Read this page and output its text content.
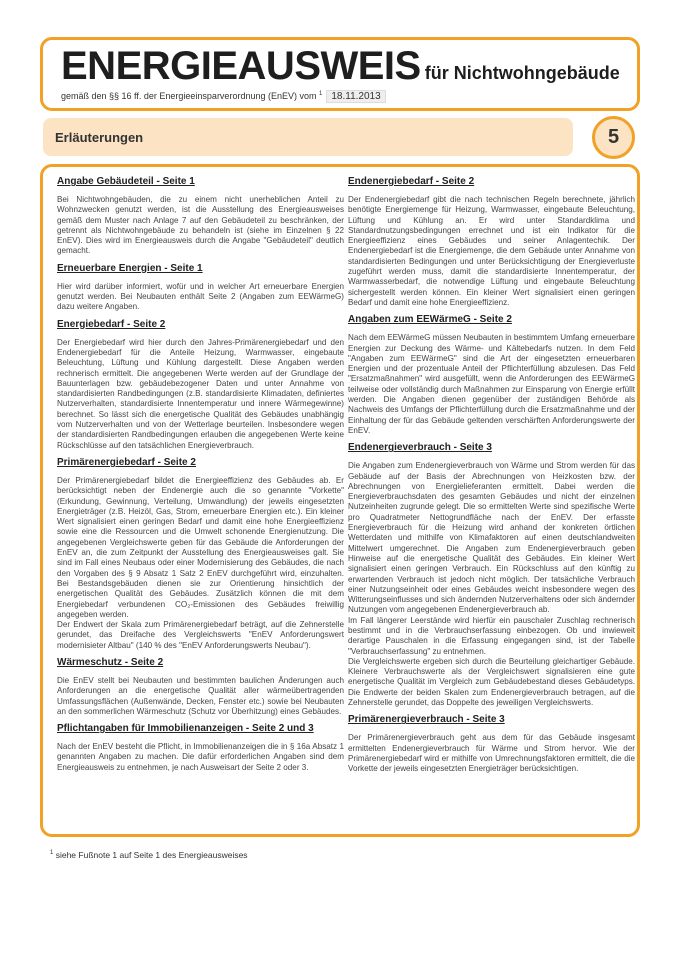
ENERGIEAUSWEIS für Nichtwohngebäude
gemäß den §§ 16 ff. der Energieeinsparverordnung (EnEV) vom $^1$ 18.11.2013
Erläuterungen	5
Angabe Gebäudeteil - Seite 1

Bei Nichtwohngebäuden, die zu einem nicht unerheblichen Anteil zu Wohnzwecken genutzt werden, ist die Ausstellung des Energieausweises gemäß dem Muster nach Anlage 7 auf den Gebäudeteil zu beschränken, der getrennt als Nichtwohngebäude zu behandeln ist (siehe im Einzelnen § 22 EnEV). Dies wird im Energieausweis durch die Angabe "Gebäudeteil" deutlich gemacht.

Erneuerbare Energien - Seite 1

Hier wird darüber informiert, wofür und in welcher Art erneuerbare Energien genutzt werden. Bei Neubauten enthält Seite 2 (Angaben zum EEWärmeG) dazu weitere Angaben.

Energiebedarf - Seite 2

Der Energiebedarf wird hier durch den Jahres-Primärenergiebedarf und den Endenergiebedarf für die Anteile Heizung, Warmwasser, eingebaute Beleuchtung, Lüftung und Kühlung dargestellt. Diese Angaben werden rechnerisch ermittelt. Die angegebenen Werte werden auf der Grundlage der Bauunterlagen bzw. gebäudebezogener Daten und unter Annahme von standardisierten Randbedingungen (z.B. standardisierte Klimadaten, definiertes Nutzerverhalten, standardisierte Innentemperatur und innere Wärmegewinne) berechnet. So lässt sich die energetische Qualität des Gebäudes unabhängig vom Nutzerverhalten und von der Wetterlage beurteilen. Insbesondere wegen der standardisierten Randbedingungen erlauben die angegebenen Werte keine Rückschlüsse auf den tatsächlichen Energieverbrauch.

Primärenergiebedarf - Seite 2

Der Primärenergiebedarf bildet die Energieeffizienz des Gebäudes ab. Er berücksichtigt neben der Endenergie auch die so genannte "Vorkette" (Erkundung, Gewinnung, Verteilung, Umwandlung) der jeweils eingesetzten Energieträger (z.B. Heizöl, Gas, Strom, erneuerbare Energien etc.). Ein kleiner Wert signalisiert einen geringen Bedarf und damit eine hohe Energieeffizienz sowie eine die Ressourcen und die Umwelt schonende Energienutzung. Die angegebenen Vergleichswerte geben für das Gebäude die Anforderungen der EnEV an, die zum Zeitpunkt der Ausstellung des Energieausweises galt. Sie sind im Fall eines Neubaus oder einer Modernisierung des Gebäudes, die nach den Vorgaben des § 9 Absatz 1 Satz 2 EnEV durchgeführt wird, einzuhalten. Bei Bestandsgebäuden dienen sie zur Orientierung hinsichtlich der energetischen Qualität des Gebäudes. Zusätzlich können die mit dem Energiebedarf verbundenen CO₂-Emissionen des Gebäudes freiwillig angegeben werden.

Der Endwert der Skala zum Primärenergiebedarf beträgt, auf die Zehnerstelle gerundet, das Dreifache des Vergleichswerts "EnEV Anforderungswert modernisieter Altbau" (140 % des "EnEV Anforderungswerts Neubau").

Wärmeschutz - Seite 2

Die EnEV stellt bei Neubauten und bestimmten baulichen Änderungen auch Anforderungen an die energetische Qualität aller wärmeübertragenden Umfassungsflächen (Außenwände, Decken, Fenster etc.) sowie bei Neubauten an den sommerlichen Wärmeschutz (Schutz vor Überhitzung) eines Gebäudes.

Pflichtangaben für Immobilienanzeigen - Seite 2 und 3

Nach der EnEV besteht die Pflicht, in Immobilienanzeigen die in § 16a Absatz 1 genannten Angaben zu machen. Die dafür erforderlichen Angaben sind dem Energieausweis zu entnehmen, je nach Ausweisart der Seite 2 oder 3.

Endenergiebedarf - Seite 2

Der Endenergiebedarf gibt die nach technischen Regeln berechnete, jährlich benötigte Energiemenge für Heizung, Warmwasser, eingebaute Beleuchtung, Lüftung und Kühlung an. Er wird unter Standardklima und Standardnutzungsbedingungen errechnet und ist ein Indikator für die Energieeffizienz eines Gebäudes und seiner Anlagentechik. Der Endenergiebedarf ist die Energiemenge, die dem Gebäude unter Annahme von standardisierten Bedingungen und unter Berücksichtigung der Energieverluste zugeführt werden muss, damit die standardisierte Innentemperatur, der Warmwasserbedarf, die notwendige Lüftung und eingebaute Beleuchtung sichergestellt werden können. Ein kleiner Wert signalisiert einen geringen Bedarf und damit eine hohe Energieeffizienz.

Angaben zum EEWärmeG - Seite 2

Nach dem EEWärmeG müssen Neubauten in bestimmtem Umfang erneuerbare Energien zur Deckung des Wärme- und Kältebedarfs nutzen. In dem Feld "Angaben zum EEWärmeG" sind die Art der eingesetzten erneuerbaren Energien und der prozentuale Anteil der Pflichterfüllung abzulesen. Das Feld "Ersatzmaßnahmen" wird ausgefüllt, wenn die Anforderungen des EEWärmeG teilweise oder vollständig durch Maßnahmen zur Einsparung von Energie erfüllt werden. Die Angaben dienen gegenüber der zuständigen Behörde als Nachweis des Umfangs der Pflichterfüllung durch die Ersatzmaßnahme und der Einhaltung der für das Gebäude geltenden verschärften Anforderungswerte der EnEV.

Endenergieverbrauch - Seite 3

Die Angaben zum Endenergieverbrauch von Wärme und Strom werden für das Gebäude auf der Basis der Abrechnungen von Heizkosten bzw. der Abrechnungen von Energielieferanten ermittelt. Dabei werden die Energieverbrauchsdaten des gesamten Gebäudes und nicht der einzelnen Nutzeinheiten zugrunde gelegt. Die so ermittelten Werte sind spezifische Werte pro Quadratmeter Nettogrundfläche nach der EnEV. Der erfasste Energieverbrauch für die Heizung wird anhand der konkreten örtlichen Wetterdaten und mithilfe von Klimafaktoren auf einen deutschlandweiten Mittelwert umgerechnet. Die Angaben zum Endenergieverbrauch geben Hinweise auf die energetische Qualität des Gebäudes. Ein kleiner Wert signalisiert einen geringen Verbrauch. Ein Rückschluss auf den künftig zu erwartenden Verbrauch ist jedoch nicht möglich. Der tatsächliche Verbrauch einer Nutzungseinheit oder eines Gebäudes weicht insbesondere wegen des Witterungseinflusses und sich ändernden Nutzerverhaltens oder sich ändernder Nutzungen vom angegebenen Endenergieverbrauch ab.

Im Fall längerer Leerstände wird hierfür ein pauschaler Zuschlag rechnerisch bestimmt und in die Verbrauchserfassung einbezogen. Ob und inwieweit derartige Pauschalen in die Erfassung eingegangen sind, ist der Tabelle "Verbrauchserfassung" zu entnehmen.

Die Vergleichswerte ergeben sich durch die Beurteilung gleichartiger Gebäude. Kleinere Verbrauchswerte als der Vergleichswert signalisieren eine gute energetische Qualität im Vergleich zum Gebäudebestand dieses Gebäudetyps. Die Endwerte der beiden Skalen zum Endenergieverbrauch betragen, auf die Zehnerstelle gerundet, das Doppelte des jeweiligen Vergleichswerts.

Primärenergieverbrauch - Seite 3

Der Primärenergieverbrauch geht aus dem für das Gebäude insgesamt ermittelten Endenergieverbrauch für Wärme und Strom hervor. Wie der Primärenergiebedarf wird er mithilfe von Umrechnungsfaktoren ermittelt, die die Vorkette der jeweils eingesetzten Energieträger berücksichtigen.

$^1$ siehe Fußnote 1 auf Seite 1 des Energieausweises
